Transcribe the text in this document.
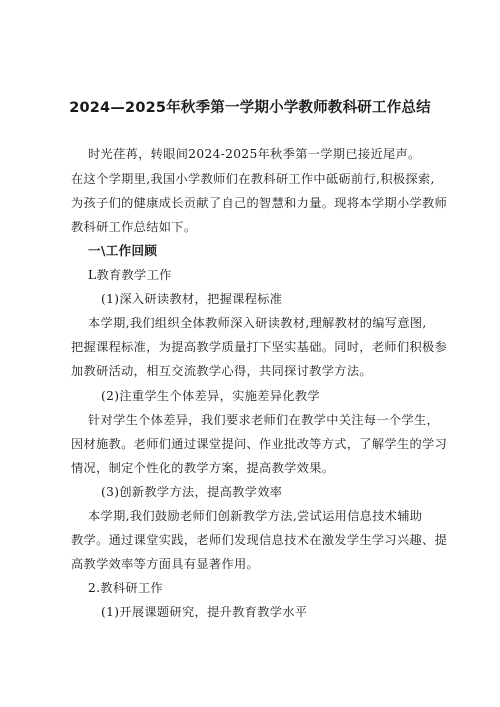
2024—2025年秋季第一学期小学教师教科研工作总结
时光荏苒，转眼间2024-2025年秋季第一学期已接近尾声。
在这个学期里,我国小学教师们在教科研工作中砥砺前行,积极探索,
为孩子们的健康成长贡献了自己的智慧和力量。现将本学期小学教师
教科研工作总结如下。
一\工作回顾
L教育教学工作
(1)深入研读教材，把握课程标准
本学期,我们组织全体教师深入研读教材,理解教材的编写意图,
把握课程标准，为提高教学质量打下坚实基础。同时，老师们积极参
加教研活动，相互交流教学心得，共同探讨教学方法。
(2)注重学生个体差异，实施差异化教学
针对学生个体差异，我们要求老师们在教学中关注每一个学生，
因材施教。老师们通过课堂提问、作业批改等方式，了解学生的学习
情况，制定个性化的教学方案，提高教学效果。
(3)创新教学方法，提高教学效率
本学期,我们鼓励老师们创新教学方法,尝试运用信息技术辅助
教学。通过课堂实践，老师们发现信息技术在激发学生学习兴趣、提
高教学效率等方面具有显著作用。
2.教科研工作
(1)开展课题研究，提升教育教学水平
